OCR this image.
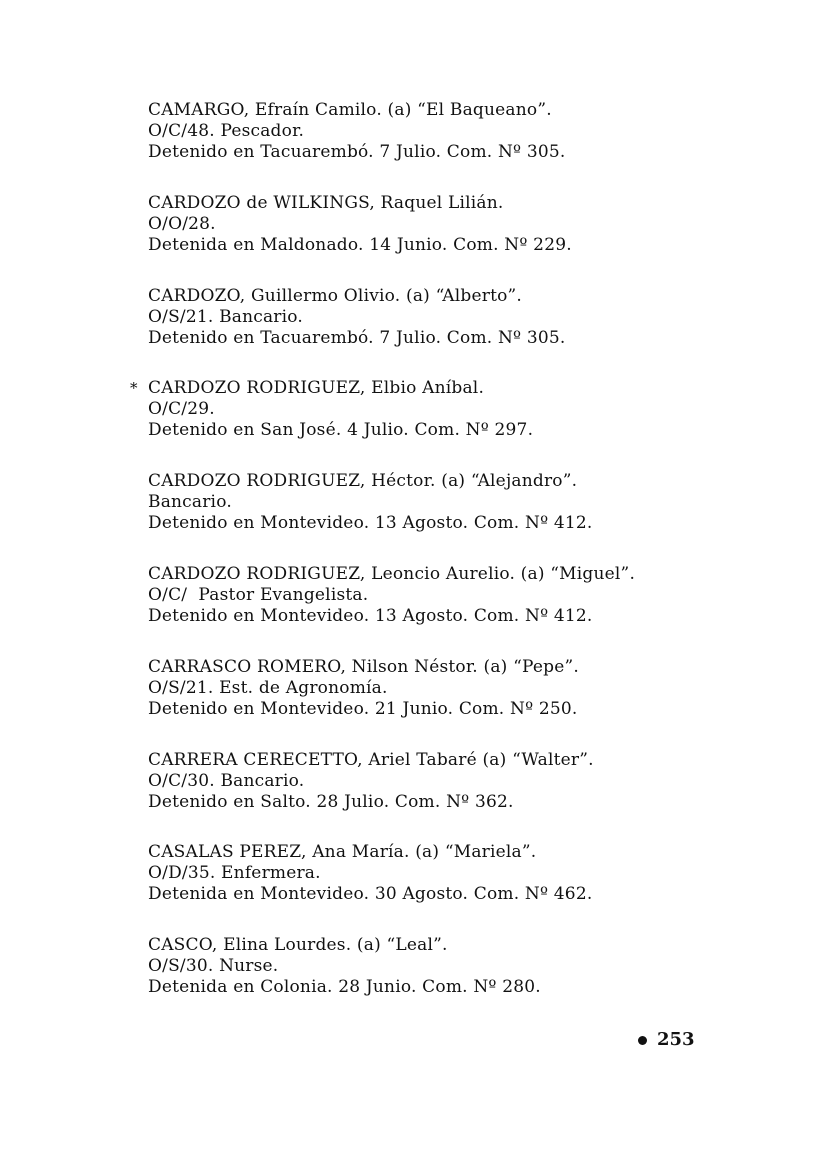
CAMARGO, Efraín Camilo. (a) “El Baqueano”.
O/C/48. Pescador.
Detenido en Tacuarembó. 7 Julio. Com. Nº 305.
CARDOZO de WILKINGS, Raquel Lilián.
O/O/28.
Detenida en Maldonado. 14 Junio. Com. Nº 229.
CARDOZO, Guillermo Olivio. (a) “Alberto”.
O/S/21. Bancario.
Detenido en Tacuarembó. 7 Julio. Com. Nº 305.
* CARDOZO RODRIGUEZ, Elbio Aníbal.
O/C/29.
Detenido en San José. 4 Julio. Com. Nº 297.
CARDOZO RODRIGUEZ, Héctor. (a) “Alejandro”.
Bancario.
Detenido en Montevideo. 13 Agosto. Com. Nº 412.
CARDOZO RODRIGUEZ, Leoncio Aurelio. (a) “Miguel”.
O/C/  Pastor Evangelista.
Detenido en Montevideo. 13 Agosto. Com. Nº 412.
CARRASCO ROMERO, Nilson Néstor. (a) “Pepe”.
O/S/21. Est. de Agronomía.
Detenido en Montevideo. 21 Junio. Com. Nº 250.
CARRERA CERECETTO, Ariel Tabaré (a) “Walter”.
O/C/30. Bancario.
Detenido en Salto. 28 Julio. Com. Nº 362.
CASALAS PEREZ, Ana María. (a) “Mariela”.
O/D/35. Enfermera.
Detenida en Montevideo. 30 Agosto. Com. Nº 462.
CASCO, Elina Lourdes. (a) “Leal”.
O/S/30. Nurse.
Detenida en Colonia. 28 Junio. Com. Nº 280.
253
